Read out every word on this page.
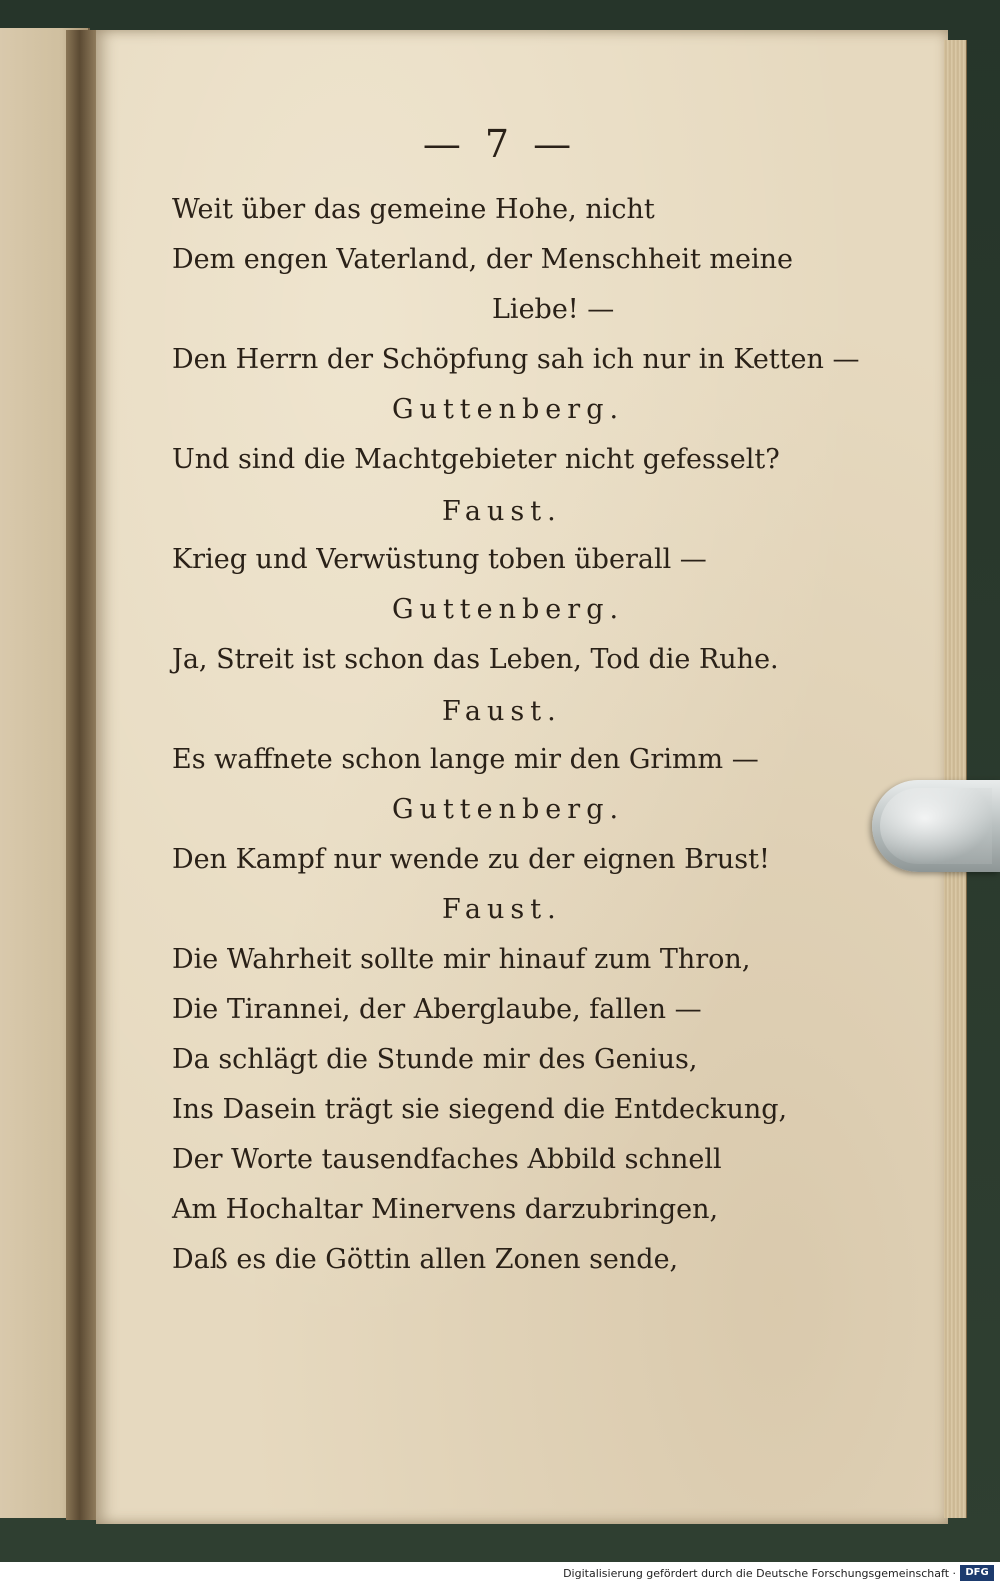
— 7 —
Weit über das gemeine Hohe, nicht
Dem engen Vaterland, der Menschheit meine
Liebe! —
Den Herrn der Schöpfung sah ich nur in Ketten —
Guttenberg.
Und sind die Machtgebieter nicht gefesselt?
Faust.
Krieg und Verwüstung toben überall —
Guttenberg.
Ja, Streit ist schon das Leben, Tod die Ruhe.
Faust.
Es waffnete schon lange mir den Grimm —
Guttenberg.
Den Kampf nur wende zu der eignen Brust!
Faust.
Die Wahrheit sollte mir hinauf zum Thron,
Die Tirannei, der Aberglaube, fallen —
Da schlägt die Stunde mir des Genius,
Ins Dasein trägt sie siegend die Entdeckung,
Der Worte tausendfaches Abbild schnell
Am Hochaltar Minervens darzubringen,
Daß es die Göttin allen Zonen sende,
Digitalisierung gefördert durch die Deutsche Forschungsgemeinschaft · DFG
